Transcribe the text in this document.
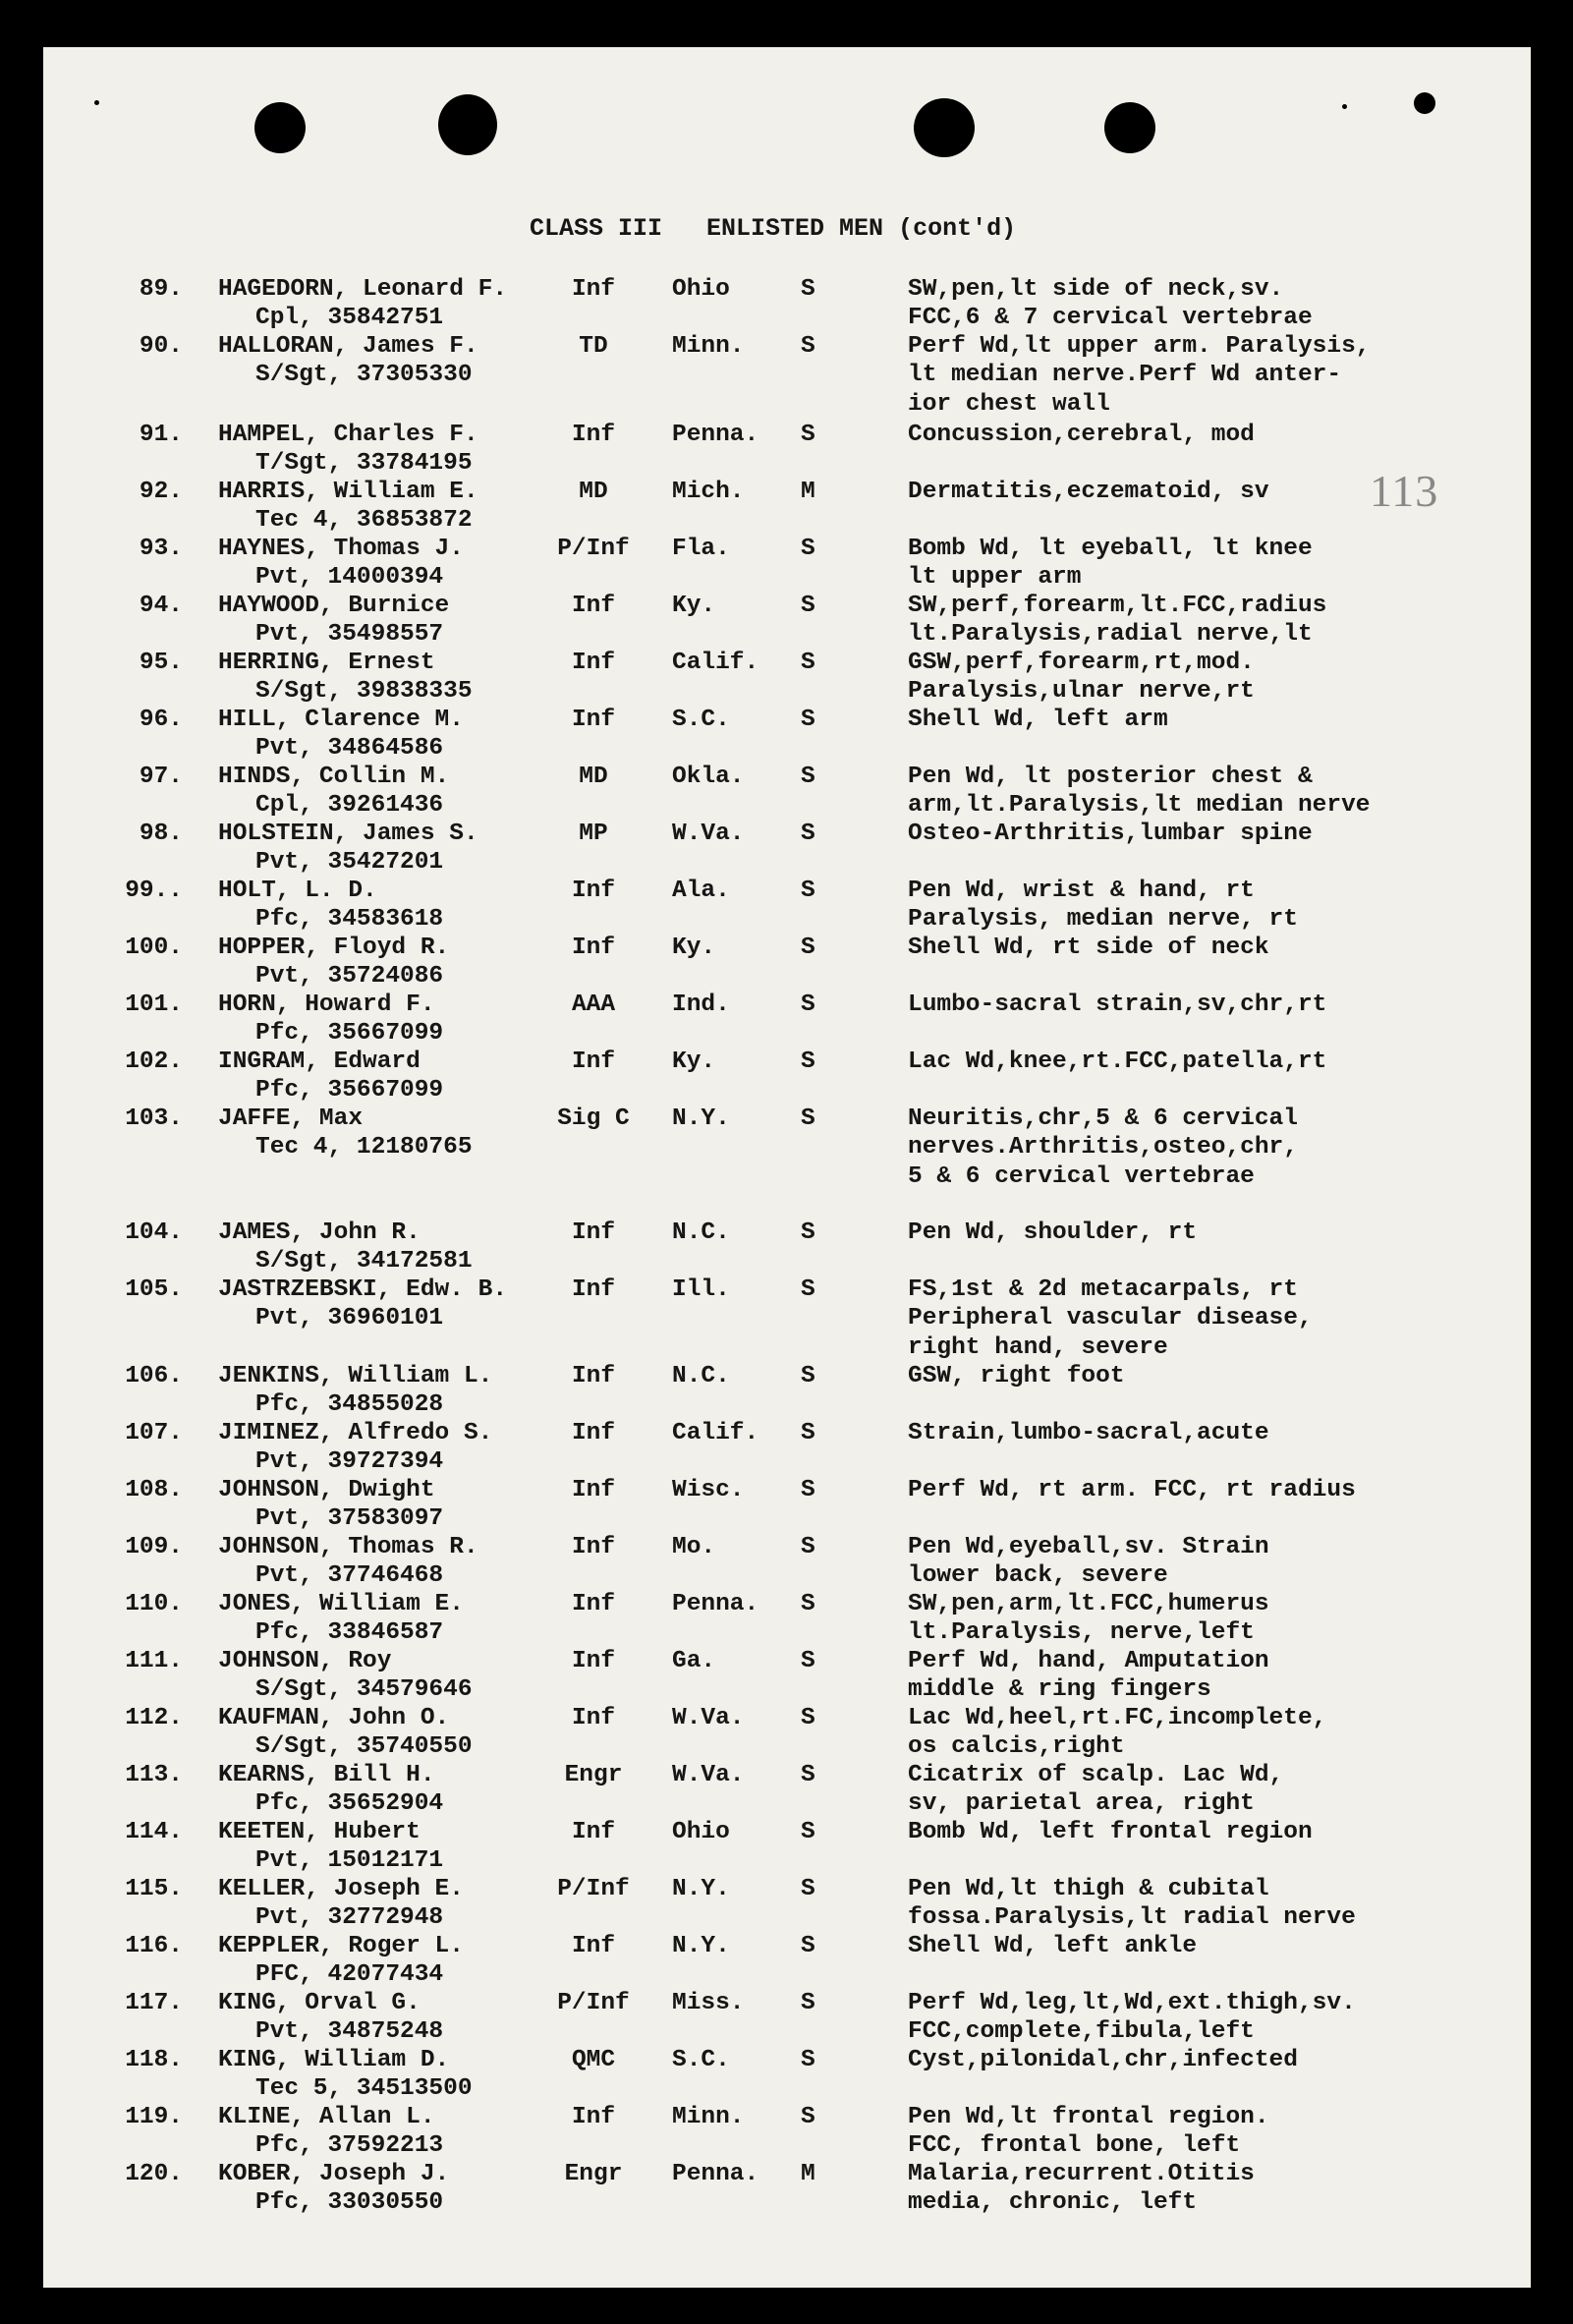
113
CLASS III   ENLISTED MEN (cont'd)
89. HAGEDORN, Leonard F.
Cpl, 35842751
Inf	Ohio	S	SW,pen,lt side of neck,sv.
FCC,6 & 7 cervical vertebrae
90. HALLORAN, James F.
S/Sgt, 37305330
TD	Minn. S	Perf Wd,lt upper arm. Paralysis,
lt median nerve.Perf Wd anter-
ior chest wall
91. HAMPEL, Charles F.
T/Sgt, 33784195
Inf	Penna. S	Concussion,cerebral, mod
92. HARRIS, William E.
Tec 4, 36853872
MD	Mich. M	Dermatitis,eczematoid, sv
93. HAYNES, Thomas J.
Pvt, 14000394
P/Inf	Fla.	S	Bomb Wd, lt eyeball, lt knee
lt upper arm
94. HAYWOOD, Burnice
Pvt, 35498557
Inf	Ky.	S	SW,perf,forearm,lt.FCC,radius
lt.Paralysis,radial nerve,lt
95. HERRING, Ernest
S/Sgt, 39838335
Inf	Calif. S	GSW,perf,forearm,rt,mod.
Paralysis,ulnar nerve,rt
96. HILL, Clarence M.
Pvt, 34864586
Inf	S.C.	S	Shell Wd, left arm
97. HINDS, Collin M.
Cpl, 39261436
MD	Okla. S	Pen Wd, lt posterior chest &
arm,lt.Paralysis,lt median nerve
98. HOLSTEIN, James S.
Pvt, 35427201
MP	W.Va. S	Osteo-Arthritis,lumbar spine
99.. HOLT, L. D.
Pfc, 34583618
Inf	Ala.	S	Pen Wd, wrist & hand, rt
Paralysis, median nerve, rt
100. HOPPER, Floyd R.
Pvt, 35724086
Inf	Ky.	S	Shell Wd, rt side of neck
101. HORN, Howard F.
Pfc, 35667099
AAA	Ind.	S	Lumbo-sacral strain,sv,chr,rt
102. INGRAM, Edward
Pfc, 35667099
Inf	Ky.	S	Lac Wd,knee,rt.FCC,patella,rt
103. JAFFE, Max
Tec 4, 12180765
Sig C	N.Y.	S	Neuritis,chr,5 & 6 cervical
nerves.Arthritis,osteo,chr,
5 & 6 cervical vertebrae
104. JAMES, John R.
S/Sgt, 34172581
Inf	N.C.	S	Pen Wd, shoulder, rt
105. JASTRZEBSKI, Edw. B.
Pvt, 36960101
Inf	Ill.	S	FS,1st & 2d metacarpals, rt
Peripheral vascular disease,
right hand, severe
106. JENKINS, William L.
Pfc, 34855028
Inf	N.C.	S	GSW, right foot
107. JIMINEZ, Alfredo S.
Pvt, 39727394
Inf	Calif. S	Strain,lumbo-sacral,acute
108. JOHNSON, Dwight
Pvt, 37583097
Inf	Wisc. S	Perf Wd, rt arm. FCC, rt radius
109. JOHNSON, Thomas R.
Pvt, 37746468
Inf	Mo.	S	Pen Wd,eyeball,sv. Strain
lower back, severe
110. JONES, William E.
Pfc, 33846587
Inf	Penna. S	SW,pen,arm,lt.FCC,humerus
lt.Paralysis, nerve,left
111. JOHNSON, Roy
S/Sgt, 34579646
Inf	Ga.	S	Perf Wd, hand, Amputation
middle & ring fingers
112. KAUFMAN, John O.
S/Sgt, 35740550
Inf	W.Va. S	Lac Wd,heel,rt.FC,incomplete,
os calcis,right
113. KEARNS, Bill H.
Pfc, 35652904
Engr	W.Va. S	Cicatrix of scalp. Lac Wd,
sv, parietal area, right
114. KEETEN, Hubert
Pvt, 15012171
Inf	Ohio	S	Bomb Wd, left frontal region
115. KELLER, Joseph E.
Pvt, 32772948
P/Inf	N.Y.	S	Pen Wd,lt thigh & cubital
fossa.Paralysis,lt radial nerve
116. KEPPLER, Roger L.
PFC, 42077434
Inf	N.Y.	S	Shell Wd, left ankle
117. KING, Orval G.
Pvt, 34875248
P/Inf	Miss. S	Perf Wd,leg,lt,Wd,ext.thigh,sv.
FCC,complete,fibula,left
118. KING, William D.
Tec 5, 34513500
QMC	S.C.	S	Cyst,pilonidal,chr,infected
119. KLINE, Allan L.
Pfc, 37592213
Inf	Minn. S	Pen Wd,lt frontal region.
FCC, frontal bone, left
120. KOBER, Joseph J.
Pfc, 33030550
Engr	Penna. M	Malaria,recurrent.Otitis
media, chronic, left
